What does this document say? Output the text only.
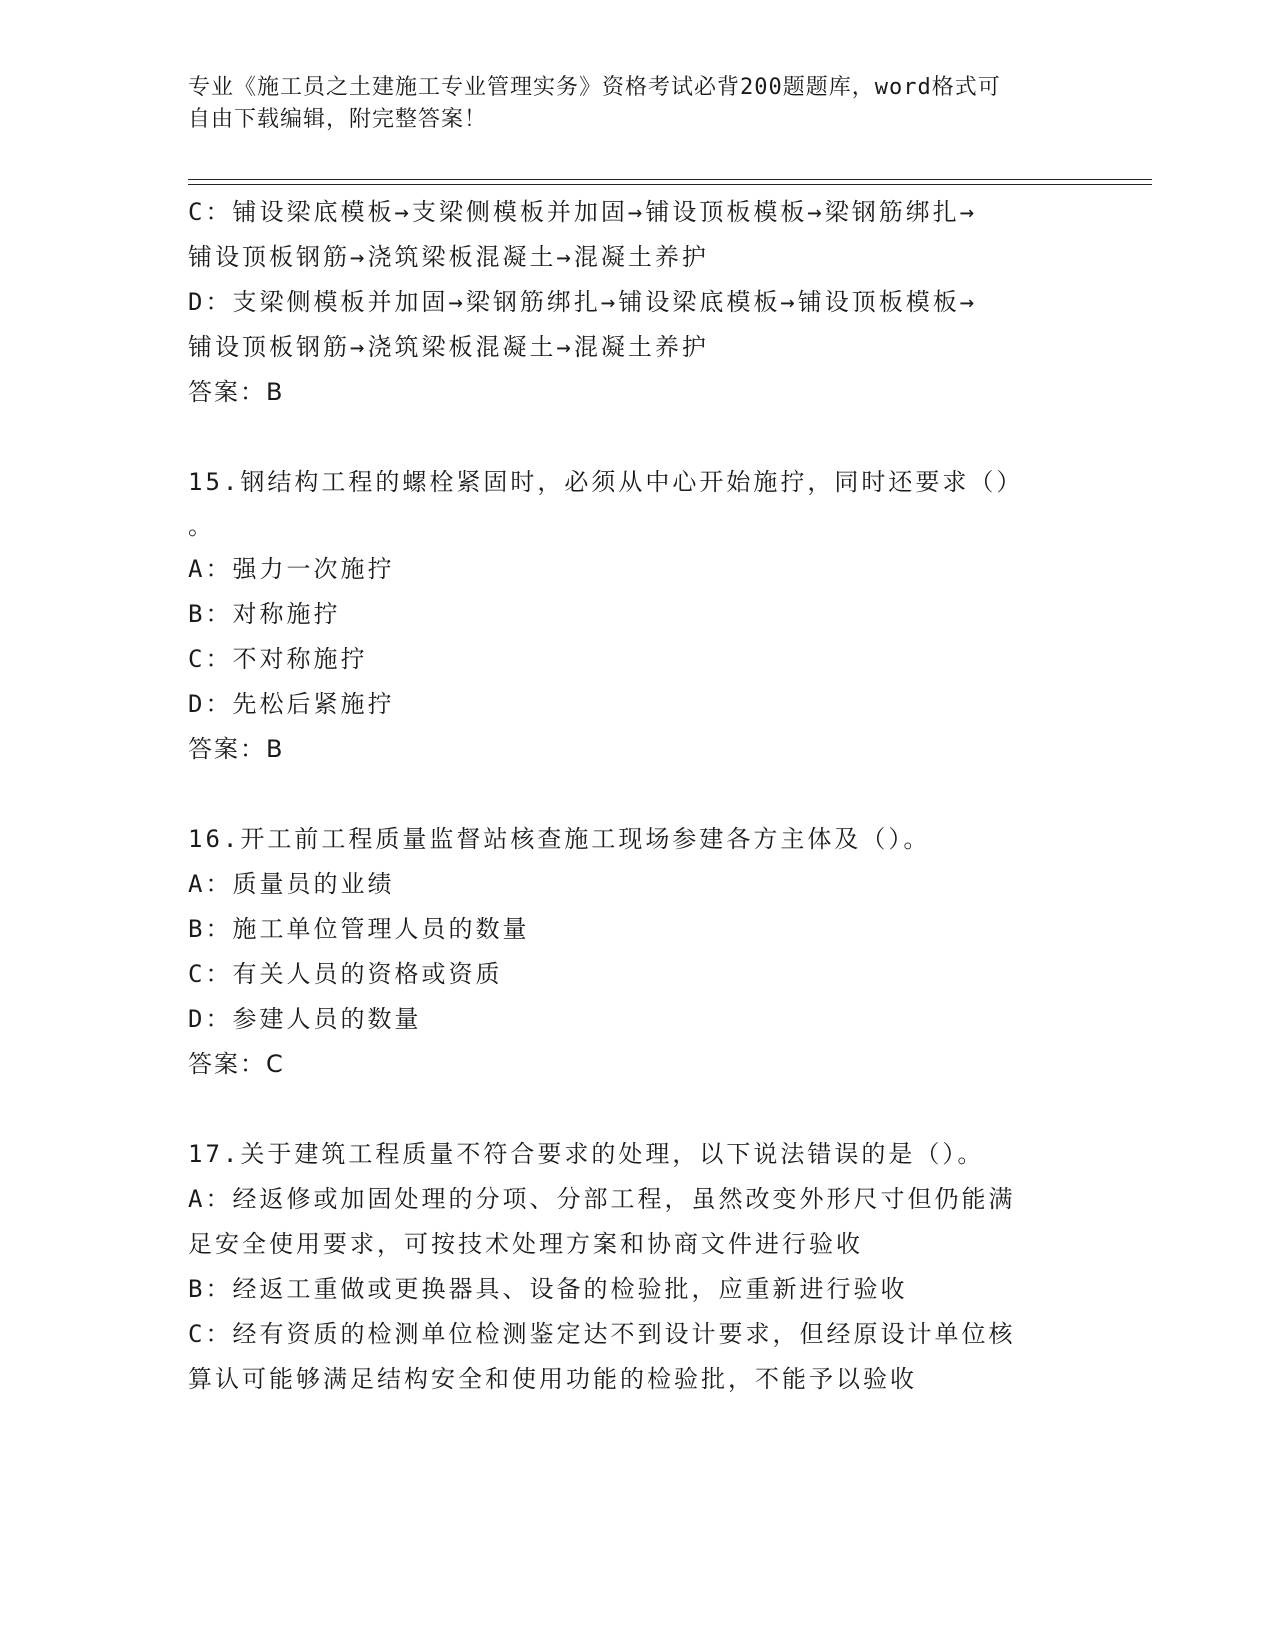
专业《施工员之土建施工专业管理实务》资格考试必背200题题库，word格式可
自由下载编辑，附完整答案！
C：铺设梁底模板→支梁侧模板并加固→铺设顶板模板→梁钢筋绑扎→
铺设顶板钢筋→浇筑梁板混凝土→混凝土养护
D：支梁侧模板并加固→梁钢筋绑扎→铺设梁底模板→铺设顶板模板→
铺设顶板钢筋→浇筑梁板混凝土→混凝土养护
答案：B
15.钢结构工程的螺栓紧固时，必须从中心开始施拧，同时还要求（）
。
A：强力一次施拧
B：对称施拧
C：不对称施拧
D：先松后紧施拧
答案：B
16.开工前工程质量监督站核查施工现场参建各方主体及（）。
A：质量员的业绩
B：施工单位管理人员的数量
C：有关人员的资格或资质
D：参建人员的数量
答案：C
17.关于建筑工程质量不符合要求的处理，以下说法错误的是（）。
A：经返修或加固处理的分项、分部工程，虽然改变外形尺寸但仍能满
足安全使用要求，可按技术处理方案和协商文件进行验收
B：经返工重做或更换器具、设备的检验批，应重新进行验收
C：经有资质的检测单位检测鉴定达不到设计要求，但经原设计单位核
算认可能够满足结构安全和使用功能的检验批，不能予以验收
